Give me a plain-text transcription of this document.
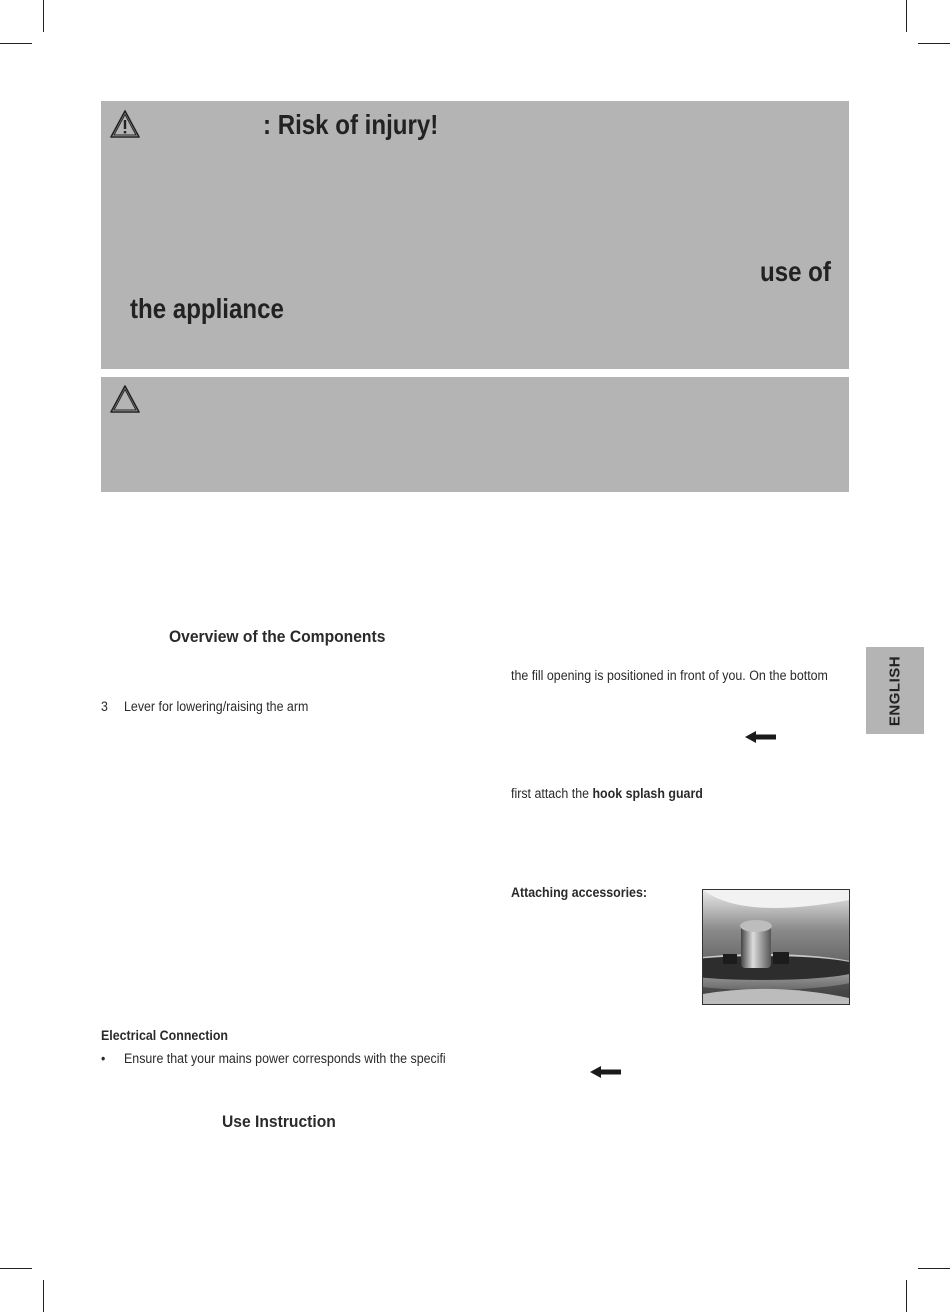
: Risk of injury!
use of
the appliance
Overview of the Components
3 Lever for lowering/raising the arm
Electrical Connection
• Ensure that your mains power corresponds with the specifi
Use Instruction
the fill opening is positioned in front of you. On the bottom
first attach the hook splash guard
Attaching accessories:
ENGLISH
